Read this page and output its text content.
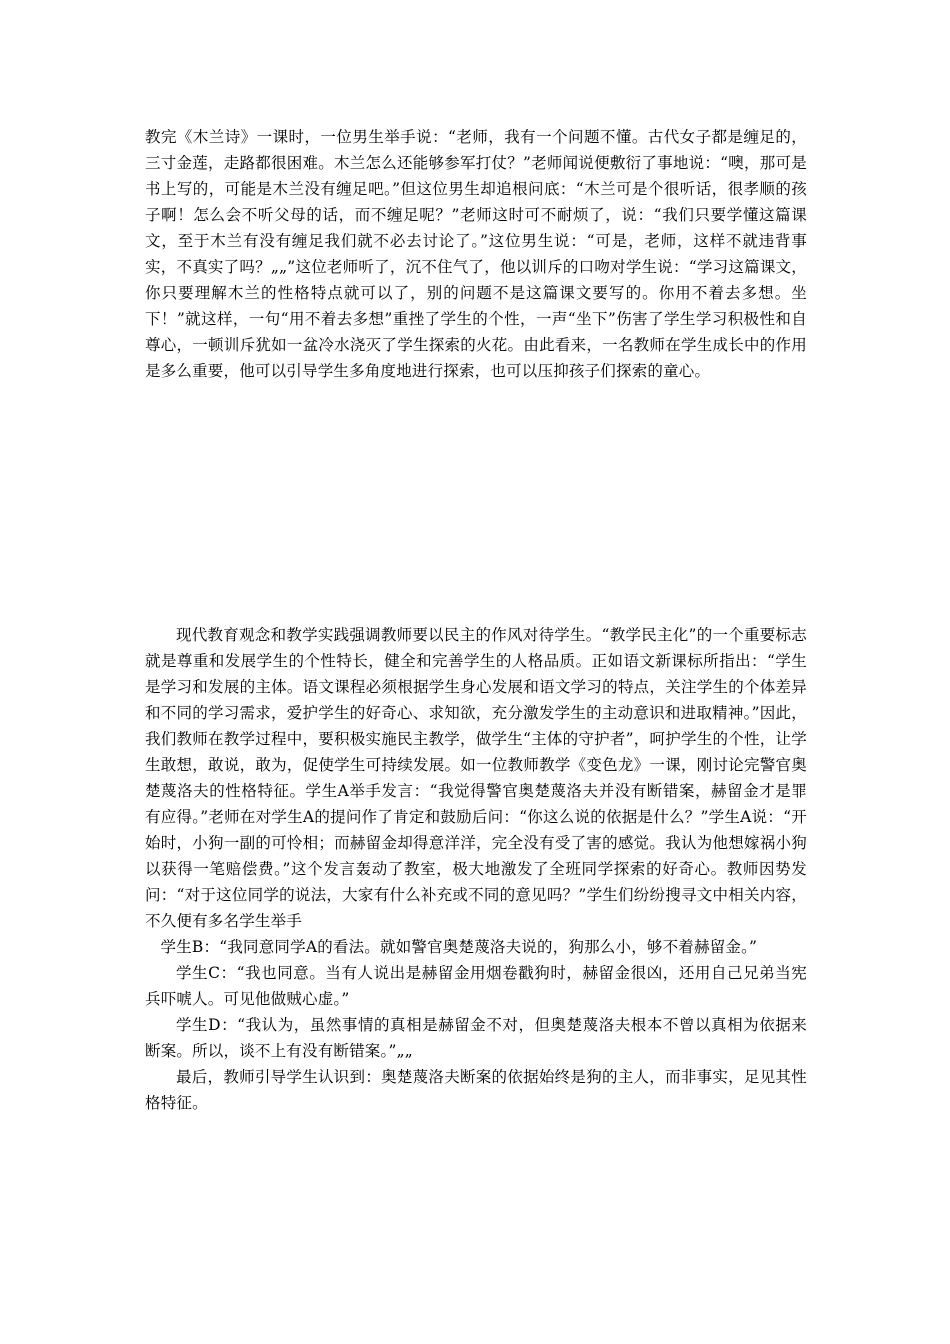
教完《木兰诗》一课时，一位男生举手说：“老师，我有一个问题不懂。古代女子都是缠足的，三寸金莲，走路都很困难。木兰怎么还能够参军打仗？”老师闻说便敷衍了事地说：“噢，那可是书上写的，可能是木兰没有缠足吧。”但这位男生却追根问底：“木兰可是个很听话，很孝顺的孩子啊！怎么会不听父母的话，而不缠足呢？”老师这时可不耐烦了，说：“我们只要学懂这篇课文，至于木兰有没有缠足我们就不必去讨论了。”这位男生说：“可是，老师，这样不就违背事实，不真实了吗？„„”这位老师听了，沉不住气了，他以训斥的口吻对学生说：“学习这篇课文，你只要理解木兰的性格特点就可以了，别的问题不是这篇课文要写的。你用不着去多想。坐下！”就这样，一句“用不着去多想”重挫了学生的个性，一声“坐下”伤害了学生学习积极性和自尊心，一顿训斥犹如一盆冷水浇灭了学生探索的火花。由此看来，一名教师在学生成长中的作用是多么重要，他可以引导学生多角度地进行探索，也可以压抑孩子们探索的童心。

现代教育观念和教学实践强调教师要以民主的作风对待学生。“教学民主化”的一个重要标志就是尊重和发展学生的个性特长，健全和完善学生的人格品质。正如语文新课标所指出：“学生是学习和发展的主体。语文课程必须根据学生身心发展和语文学习的特点，关注学生的个体差异和不同的学习需求，爱护学生的好奇心、求知欲，充分激发学生的主动意识和进取精神。”因此，我们教师在教学过程中，要积极实施民主教学，做学生“主体的守护者”，呵护学生的个性，让学生敢想，敢说，敢为，促使学生可持续发展。如一位教师教学《变色龙》一课，刚讨论完警官奥楚蔑洛夫的性格特征。学生A举手发言：“我觉得警官奥楚蔑洛夫并没有断错案，赫留金才是罪有应得。”老师在对学生A的提问作了肯定和鼓励后问：“你这么说的依据是什么？”学生A说：“开始时，小狗一副的可怜相；而赫留金却得意洋洋，完全没有受了害的感觉。我认为他想嫁祸小狗以获得一笔赔偿费。”这个发言轰动了教室，极大地激发了全班同学探索的好奇心。教师因势发问：“对于这位同学的说法，大家有什么补充或不同的意见吗？”学生们纷纷搜寻文中相关内容，不久便有多名学生举手

学生B：“我同意同学A的看法。就如警官奥楚蔑洛夫说的，狗那么小，够不着赫留金。”

学生C：“我也同意。当有人说出是赫留金用烟卷戳狗时，赫留金很凶，还用自己兄弟当宪兵吓唬人。可见他做贼心虚。”

学生D：“我认为，虽然事情的真相是赫留金不对，但奥楚蔑洛夫根本不曾以真相为依据来断案。所以，谈不上有没有断错案。”„„

最后，教师引导学生认识到：奥楚蔑洛夫断案的依据始终是狗的主人，而非事实，足见其性格特征。
